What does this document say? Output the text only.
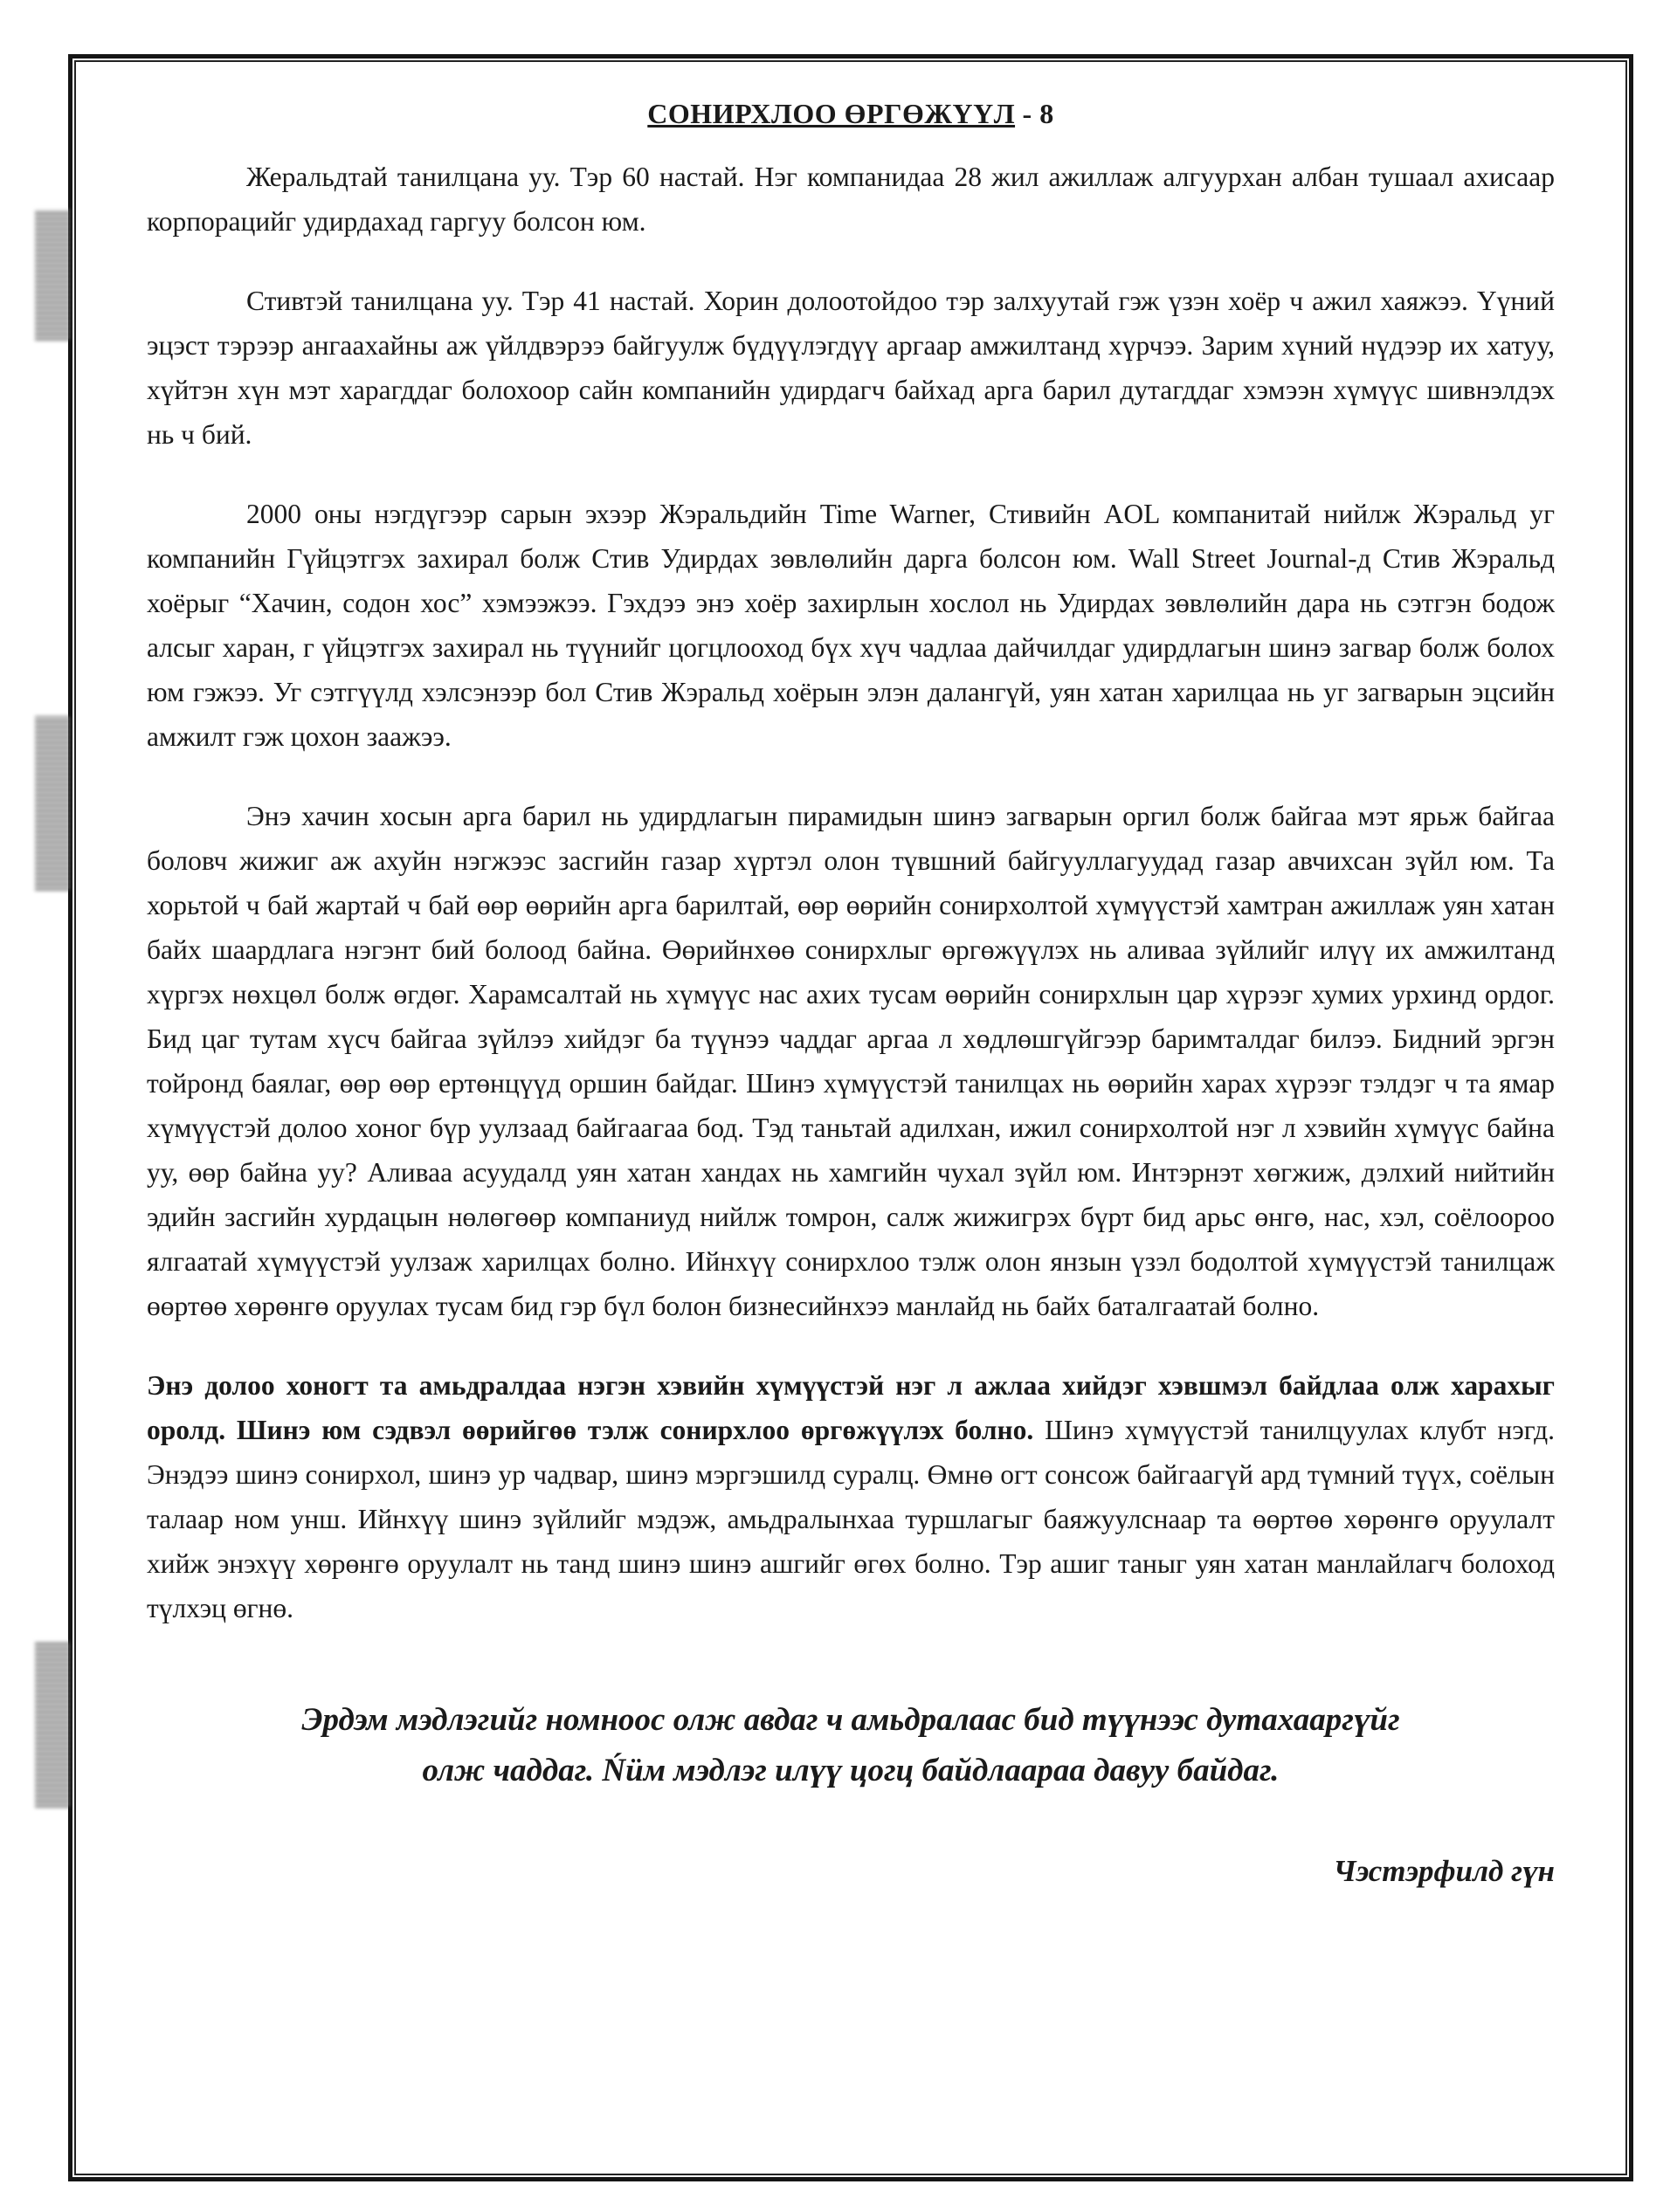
СОНИРХЛОО ӨРГӨЖҮҮЛ - 8

Жеральдтай танилцана уу. Тэр 60 настай. Нэг компанидаа 28 жил ажиллаж алгуурхан албан тушаал ахисаар корпорацийг удирдахад гаргуу болсон юм.

Стивтэй танилцана уу. Тэр 41 настай. Хорин долоотойдоо тэр залхуутай гэж үзэн хоёр ч ажил хаяжээ. Үүний эцэст тэрээр ангаахайны аж үйлдвэрээ байгуулж бүдүүлэгдүү аргаар амжилтанд хүрчээ. Зарим хүний нүдээр их хатуу, хүйтэн хүн мэт харагддаг болохоор сайн компанийн удирдагч байхад арга барил дутагддаг хэмээн хүмүүс шивнэлдэх нь ч бий.

2000 оны нэгдүгээр сарын эхээр Жэральдийн Time Warner, Стивийн AOL компанитай нийлж Жэральд уг компанийн Гүйцэтгэх захирал болж Стив Удирдах зөвлөлийн дарга болсон юм. Wall Street Journal-д Стив Жэральд хоёрыг “Хачин, содон хос” хэмээжээ. Гэхдээ энэ хоёр захирлын хослол нь Удирдах зөвлөлийн дара нь сэтгэн бодож алсыг харан, г үйцэтгэх захирал нь түүнийг цогцлооход бүх хүч чадлаа дайчилдаг удирдлагын шинэ загвар болж болох юм гэжээ. Уг сэтгүүлд хэлсэнээр бол Стив Жэральд хоёрын элэн далангүй, уян хатан харилцаа нь уг загварын эцсийн амжилт гэж цохон заажээ.

Энэ хачин хосын арга барил нь удирдлагын пирамидын шинэ загварын оргил болж байгаа мэт ярьж байгаа боловч жижиг аж ахуйн нэгжээс засгийн газар хүртэл олон түвшний байгууллагуудад газар авчихсан зүйл юм. Та хорьтой ч бай жартай ч бай өөр өөрийн арга барилтай, өөр өөрийн сонирхолтой хүмүүстэй хамтран ажиллаж уян хатан байх шаардлага нэгэнт бий болоод байна. Өөрийнхөө сонирхлыг өргөжүүлэх нь аливаа зүйлийг илүү их амжилтанд хүргэх нөхцөл болж өгдөг. Харамсалтай нь хүмүүс нас ахих тусам өөрийн сонирхлын цар хүрээг хумих урхинд ордог. Бид цаг тутам хүсч байгаа зүйлээ хийдэг ба түүнээ чаддаг аргаа л хөдлөшгүйгээр баримталдаг билээ. Бидний эргэн тойронд баялаг, өөр өөр ертөнцүүд оршин байдаг. Шинэ хүмүүстэй танилцах нь өөрийн харах хүрээг тэлдэг ч та ямар хүмүүстэй долоо хоног бүр уулзаад байгаагаа бод. Тэд таньтай адилхан, ижил сонирхолтой нэг л хэвийн хүмүүс байна уу, өөр байна уу? Аливаа асуудалд уян хатан хандах нь хамгийн чухал зүйл юм. Интэрнэт хөгжиж, дэлхий нийтийн эдийн засгийн хурдацын нөлөгөөр компаниуд нийлж томрон, салж жижигрэх бүрт бид арьс өнгө, нас, хэл, соёлоороо ялгаатай хүмүүстэй уулзаж харилцах болно. Ийнхүү сонирхлоо тэлж олон янзын үзэл бодолтой хүмүүстэй танилцаж өөртөө хөрөнгө оруулах тусам бид гэр бүл болон бизнесийнхээ манлайд нь байх баталгаатай болно.

Энэ долоо хоногт та амьдралдаа нэгэн хэвийн хүмүүстэй нэг л ажлаа хийдэг хэвшмэл байдлаа олж харахыг оролд. Шинэ юм сэдвэл өөрийгөө тэлж сонирхлоо өргөжүүлэх болно. Шинэ хүмүүстэй танилцуулах клубт нэгд. Энэдээ шинэ сонирхол, шинэ ур чадвар, шинэ мэргэшилд суралц. Өмнө огт сонсож байгаагүй ард түмний түүх, соёлын талаар ном унш. Ийнхүү шинэ зүйлийг мэдэж, амьдралынхаа туршлагыг баяжуулснаар та өөртөө хөрөнгө оруулалт хийж энэхүү хөрөнгө оруулалт нь танд шинэ шинэ ашгийг өгөх болно. Тэр ашиг таныг уян хатан манлайлагч болоход түлхэц өгнө.

Эрдэм мэдлэгийг номноос олж авдаг ч амьдралаас бид түүнээс дутахааргүйг
олж чаддаг. Ńüм мэдлэг илүү цогц байдлаараа давуу байдаг.
Чэстэрфилд гүн
